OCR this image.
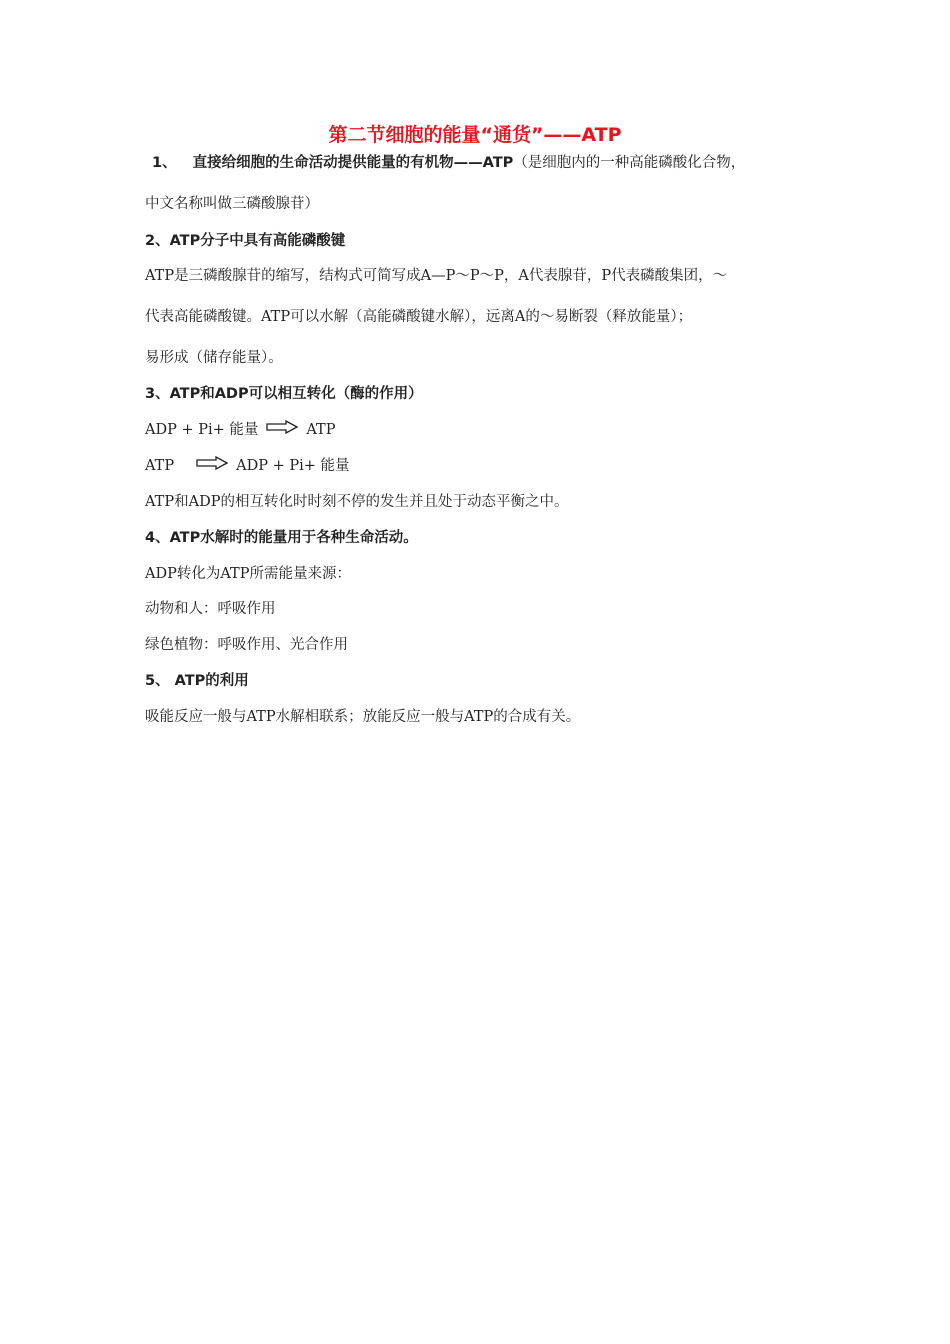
第二节细胞的能量“通货”——ATP
1、 直接给细胞的生命活动提供能量的有机物——ATP（是细胞内的一种高能磷酸化合物，
中文名称叫做三磷酸腺苷）
2、ATP分子中具有高能磷酸键
ATP是三磷酸腺苷的缩写，结构式可简写成A—P～P～P，A代表腺苷，P代表磷酸集团，～
代表高能磷酸键。ATP可以水解（高能磷酸键水解），远离A的～易断裂（释放能量）；
易形成（储存能量）。
3、ATP和ADP可以相互转化（酶的作用）
ADP + Pi+ 能量	ATP
ATP	ADP + Pi+ 能量
ATP和ADP的相互转化时时刻不停的发生并且处于动态平衡之中。
4、ATP水解时的能量用于各种生命活动。
ADP转化为ATP所需能量来源：
动物和人：呼吸作用
绿色植物：呼吸作用、光合作用
5、 ATP的利用
吸能反应一般与ATP水解相联系；放能反应一般与ATP的合成有关。
